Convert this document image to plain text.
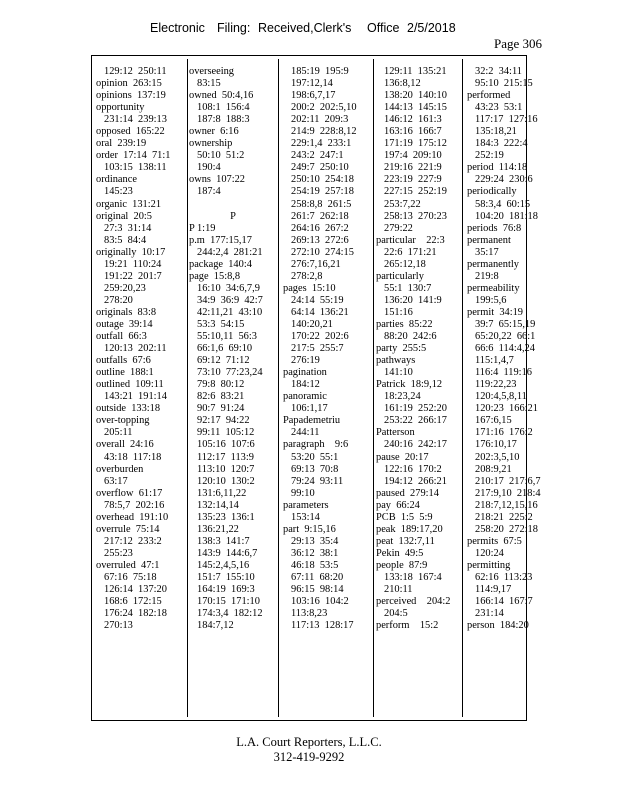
Electronic Filing: Received,Clerk's Office 2/5/2018
Page 306
129:12  250:11
opinion  263:15
opinions  137:19
opportunity
231:14  239:13
opposed  165:22
oral  239:19
order  17:14  71:1
103:15  138:11
ordinance
145:23
organic  131:21
original  20:5
27:3  31:14
83:5  84:4
originally  10:17
19:21  110:24
191:22  201:7
259:20,23
278:20
originals  83:8
outage  39:14
outfall  66:3
120:13  202:11
outfalls  67:6
outline  188:1
outlined  109:11
143:21  191:14
outside  133:18
over-topping
205:11
overall  24:16
43:18  117:18
overburden
63:17
overflow  61:17
78:5,7  202:16
overhead  191:10
overrule  75:14
217:12  233:2
255:23
overruled  47:1
67:16  75:18
126:14  137:20
168:6  172:15
176:24  182:18
270:13
overseeing
83:15
owned  50:4,16
108:1  156:4
187:8  188:3
owner  6:16
ownership
50:10  51:2
190:4
owns  107:22
187:4
P
P 1:19
p.m  177:15,17
244:2,4  281:21
package  140:4
page  15:8,8
16:10  34:6,7,9
34:9  36:9  42:7
42:11,21  43:10
53:3  54:15
55:10,11  56:3
66:1,6  69:10
69:12  71:12
73:10  77:23,24
79:8  80:12
82:6  83:21
90:7  91:24
92:17  94:22
99:11  105:12
105:16  107:6
112:17  113:9
113:10  120:7
120:10  130:2
131:6,11,22
132:14,14
135:23  136:1
136:21,22
138:3  141:7
143:9  144:6,7
145:2,4,5,16
151:7  155:10
164:19  169:3
170:15  171:10
174:3,4  182:12
184:7,12
185:19  195:9
197:12,14
198:6,7,17
200:2  202:5,10
202:11  209:3
214:9  228:8,12
229:1,4  233:1
243:2  247:1
249:7  250:10
250:10  254:18
254:19  257:18
258:8,8  261:5
261:7  262:18
264:16  267:2
269:13  272:6
272:10  274:15
276:7,16,21
278:2,8
pages  15:10
24:14  55:19
64:14  136:21
140:20,21
170:22  202:6
217:5  255:7
276:19
pagination
184:12
panoramic
106:1,17
Papademetriu
244:11
paragraph    9:6
53:20  55:1
69:13  70:8
79:24  93:11
99:10
parameters
153:14
part  9:15,16
29:13  35:4
36:12  38:1
46:18  53:5
67:11  68:20
96:15  98:14
103:16  104:2
113:8,23
117:13  128:17
129:11  135:21
136:8,12
138:20  140:10
144:13  145:15
146:12  161:3
163:16  166:7
171:19  175:12
197:4  209:10
219:16  221:9
223:19  227:9
227:15  252:19
253:7,22
258:13  270:23
279:22
particular    22:3
22:6  171:21
265:12,18
particularly
55:1  130:7
136:20  141:9
151:16
parties  85:22
88:20  242:6
party  255:5
pathways
141:10
Patrick  18:9,12
18:23,24
161:19  252:20
253:22  266:17
Patterson
240:16  242:17
pause  20:17
122:16  170:2
194:12  266:21
paused  279:14
pay  66:24
PCB  1:5  5:9
peak  189:17,20
peat  132:7,11
Pekin  49:5
people  87:9
133:18  167:4
210:11
perceived    204:2
204:5
perform    15:2
32:2  34:11
95:10  215:15
performed
43:23  53:1
117:17  127:16
135:18,21
184:3  222:4
252:19
period  114:18
229:24  230:6
periodically
58:3,4  60:15
104:20  181:18
periods  76:8
permanent
35:17
permanently
219:8
permeability
199:5,6
permit  34:19
39:7  65:15,19
65:20,22  66:1
66:6  114:4,24
115:1,4,7
116:4  119:16
119:22,23
120:4,5,8,11
120:23  166:21
167:6,15
171:16  176:2
176:10,17
202:3,5,10
208:9,21
210:17  217:6,7
217:9,10  218:4
218:7,12,15,16
218:21  225:2
258:20  272:18
permits  67:5
120:24
permitting
62:16  113:23
114:9,17
166:14  167:7
231:14
person  184:20
L.A. Court Reporters, L.L.C.
312-419-9292
